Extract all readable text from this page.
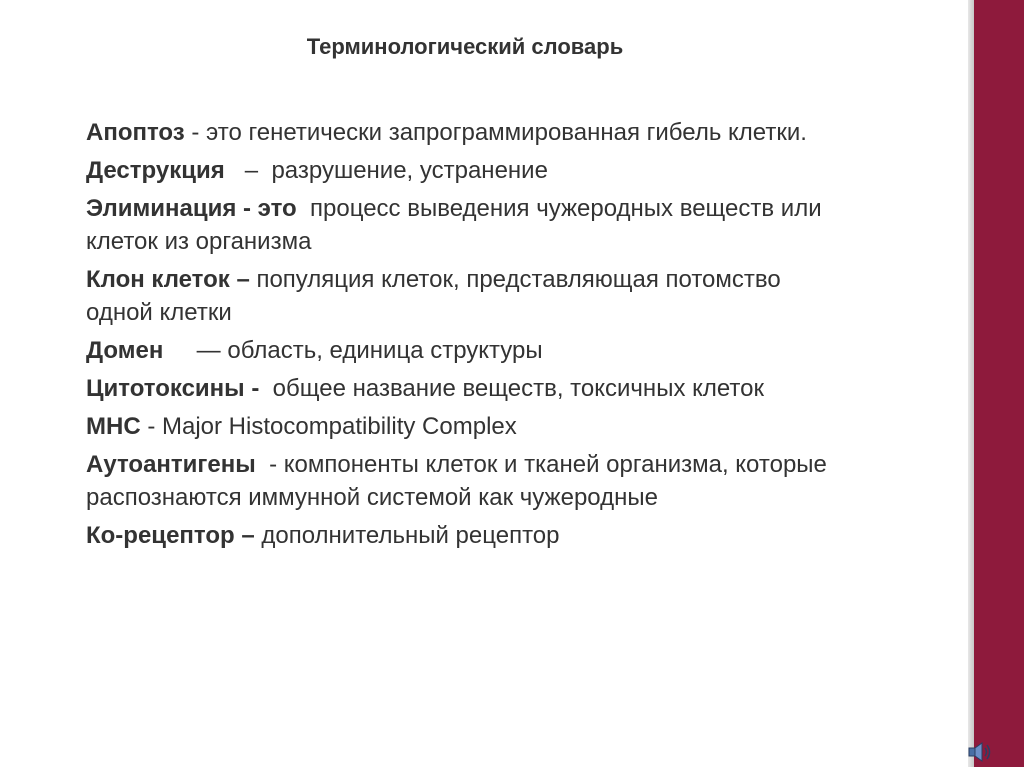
Терминологический словарь

Апоптоз - это генетически запрограммированная гибель клетки.

Деструкция   –  разрушение, устранение

Элиминация - это  процесс выведения чужеродных веществ или клеток из организма

Клон клеток – популяция клеток, представляющая потомство одной клетки

Домен     — область, единица структуры

Цитотоксины -  общее название веществ, токсичных клеток

MHC - Major Histocompatibility Complex

Аутоантигены  - компоненты клеток и тканей организма, которые распознаются иммунной системой как чужеродные

Ко-рецептор – дополнительный рецептор
